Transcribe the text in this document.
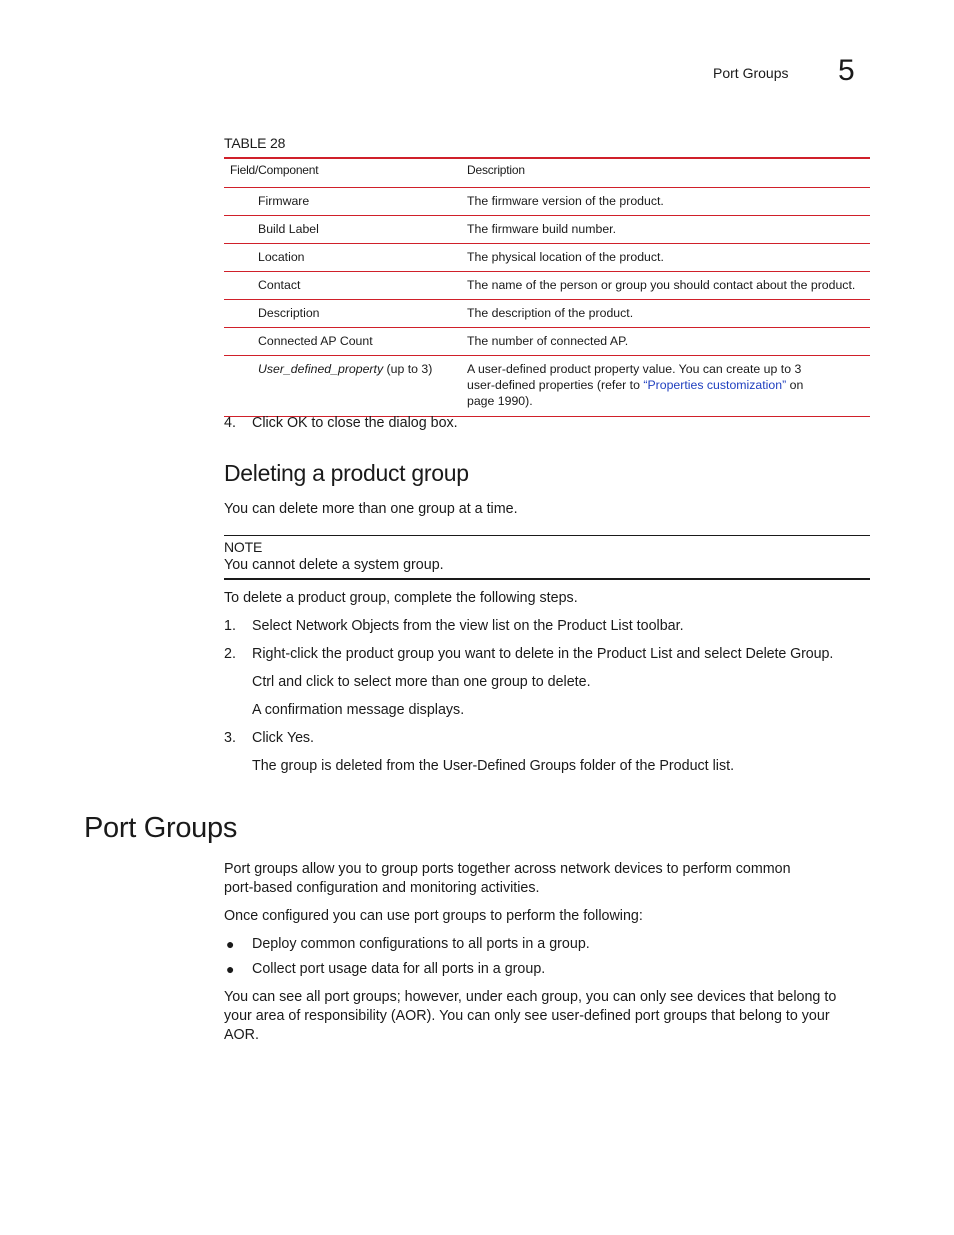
Port Groups 5
TABLE 28
Field/Component	Description
Firmware	The firmware version of the product.
Build Label	The firmware build number.
Location	The physical location of the product.
Contact	The name of the person or group you should contact about the product.
Description	The description of the product.
Connected AP Count	The number of connected AP.
User_defined_property (up to 3)	A user-defined product property value. You can create up to 3
user-defined properties (refer to “Properties customization” on
page 1990).
4. Click OK to close the dialog box.
Deleting a product group
You can delete more than one group at a time.
NOTE
You cannot delete a system group.
To delete a product group, complete the following steps.
1. Select Network Objects from the view list on the Product List toolbar.
2. Right-click the product group you want to delete in the Product List and select Delete Group.
Ctrl and click to select more than one group to delete.
A confirmation message displays.
3. Click Yes.
The group is deleted from the User-Defined Groups folder of the Product list.
Port Groups
Port groups allow you to group ports together across network devices to perform common
port-based configuration and monitoring activities.
Once configured you can use port groups to perform the following:
● Deploy common configurations to all ports in a group.
● Collect port usage data for all ports in a group.
You can see all port groups; however, under each group, you can only see devices that belong to
your area of responsibility (AOR). You can only see user-defined port groups that belong to your
AOR.
